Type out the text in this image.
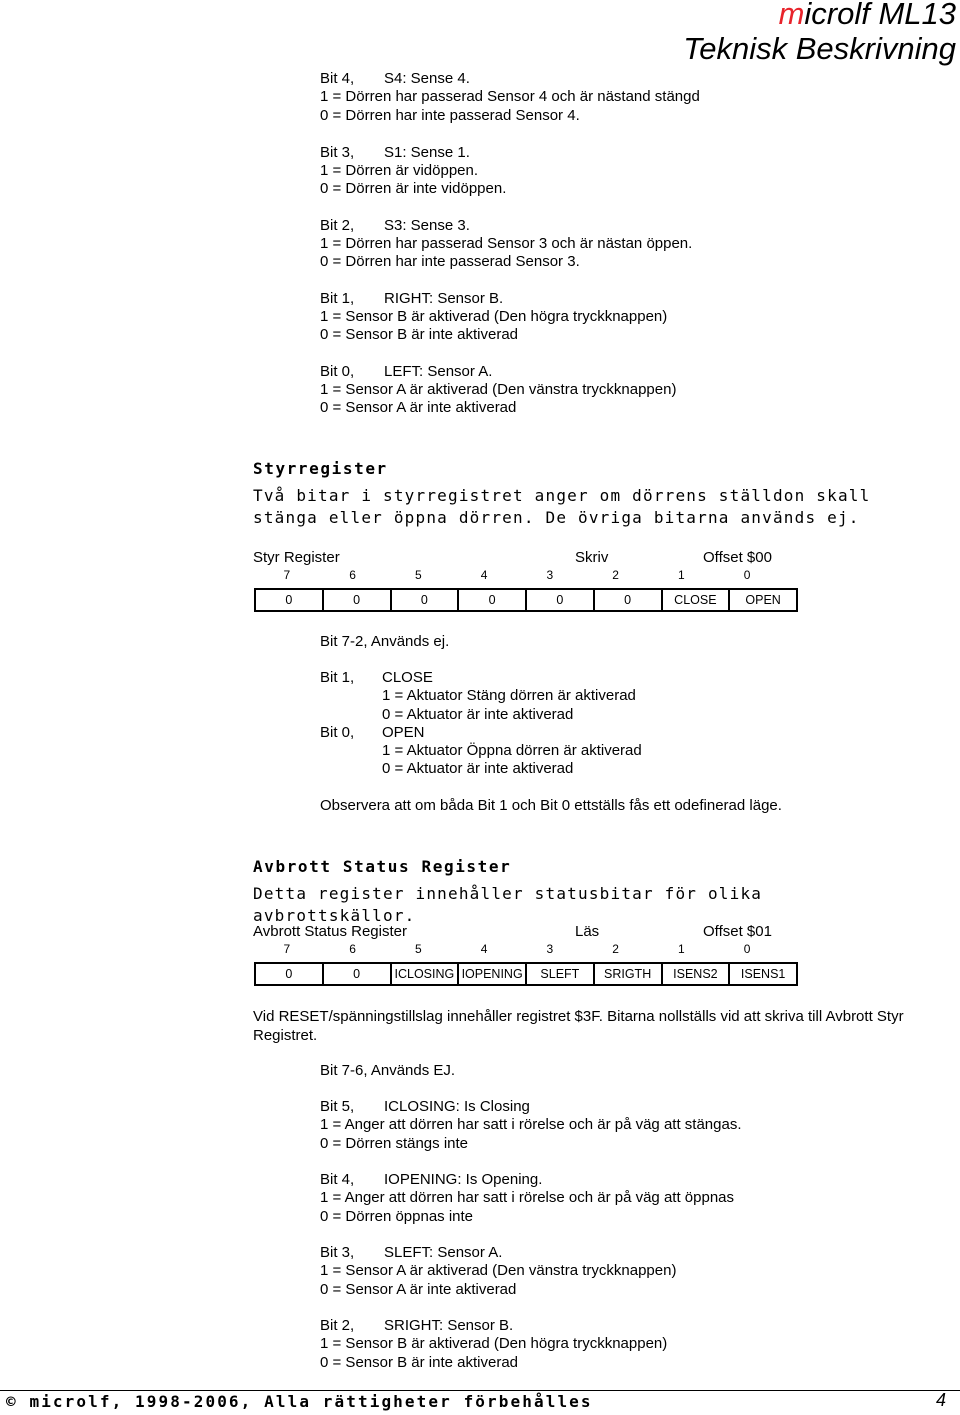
microlf ML13
Teknisk Beskrivning
Bit 4, S4: Sense 4.
1 = Dörren har passerad Sensor 4 och är nästand stängd
0 = Dörren har inte passerad Sensor 4.
Bit 3, S1: Sense 1.
1 = Dörren är vidöppen.
0 = Dörren är inte vidöppen.
Bit 2, S3: Sense 3.
1 = Dörren har passerad Sensor 3 och är nästan öppen.
0 = Dörren har inte passerad Sensor 3.
Bit 1, RIGHT: Sensor B.
1 = Sensor B är aktiverad (Den högra tryckknappen)
0 = Sensor B är inte aktiverad
Bit 0, LEFT: Sensor A.
1 = Sensor A är aktiverad (Den vänstra tryckknappen)
0 = Sensor A är inte aktiverad
Styrregister

Två bitar i styrregistret anger om dörrens ställdon skall stänga eller öppna dörren. De övriga bitarna används ej.

Styr Register	Skriv	Offset $00
7	6	5	4	3	2	1	0
0	0	0	0	0	0	CLOSE	OPEN
Bit 7-2, Används ej.
Bit 1,	CLOSE
1 = Aktuator Stäng dörren är aktiverad
0 = Aktuator är inte aktiverad
Bit 0,	OPEN
1 = Aktuator Öppna dörren är aktiverad
0 = Aktuator är inte aktiverad
Observera att om båda Bit 1 och Bit 0 ettställs fås ett odefinerad läge.
Avbrott Status Register

Detta register innehåller statusbitar för olika avbrottskällor.

Avbrott Status Register	Läs	Offset $01
7	6	5	4	3	2	1	0
0	0	ICLOSING	IOPENING	SLEFT	SRIGTH	ISENS2	ISENS1
Vid RESET/spänningstillslag innehåller registret $3F. Bitarna nollställs vid att skriva till Avbrott Styr Registret.
Bit 7-6, Används EJ.
Bit 5, ICLOSING: Is Closing
1 = Anger att dörren har satt i rörelse och är på väg att stängas.
0 = Dörren stängs inte
Bit 4, IOPENING: Is Opening.
1 = Anger att dörren har satt i rörelse och är på väg att öppnas
0 = Dörren öppnas inte
Bit 3, SLEFT: Sensor A.
1 = Sensor A är aktiverad (Den vänstra tryckknappen)
0 = Sensor A är inte aktiverad
Bit 2, SRIGHT: Sensor B.
1 = Sensor B är aktiverad (Den högra tryckknappen)
0 = Sensor B är inte aktiverad
© microlf, 1998-2006, Alla rättigheter förbehålles	4
